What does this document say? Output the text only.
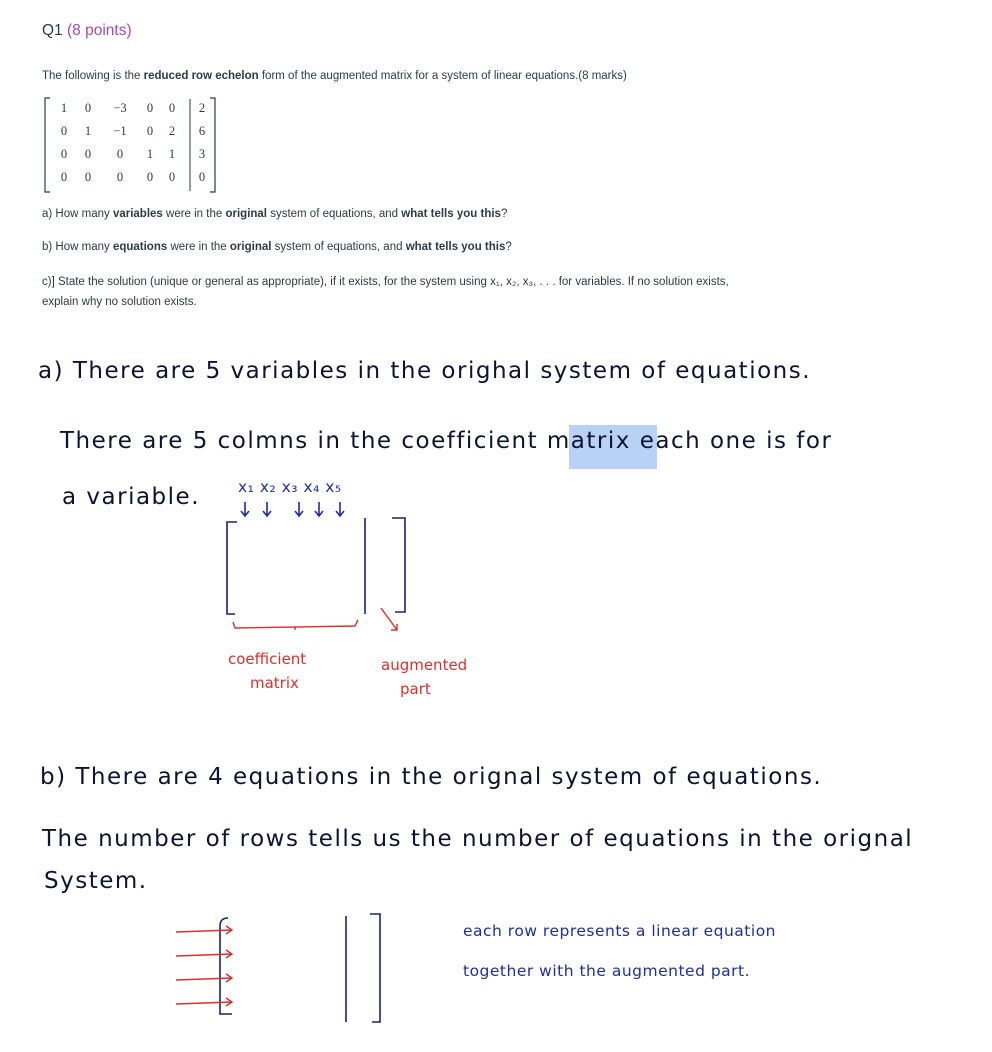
Q1 (8 points)
The following is the reduced row echelon form of the augmented matrix for a system of linear equations.(8 marks)
1	0	−3	0	0	2
0	1	−1	0	2	6
0	0	0	1	1	3
0	0	0	0	0	0
a) How many variables were in the original system of equations, and what tells you this?
b) How many equations were in the original system of equations, and what tells you this?
c)] State the solution (unique or general as appropriate), if it exists, for the system using x₁, x₂, x₃, . . . for variables. If no solution exists,
explain why no solution exists.
a) There are 5 variables in the orighal system of equations.
There are 5 colmns in the coefficient matrix each one is for
a variable. x₁ x₂ x₃ x₄ x₅
coefficient
matrix
augmented
part
b) There are 4 equations in the orignal system of equations.
The number of rows tells us the number of equations in the orignal
System.
each row represents a linear equation
together with the augmented part.
